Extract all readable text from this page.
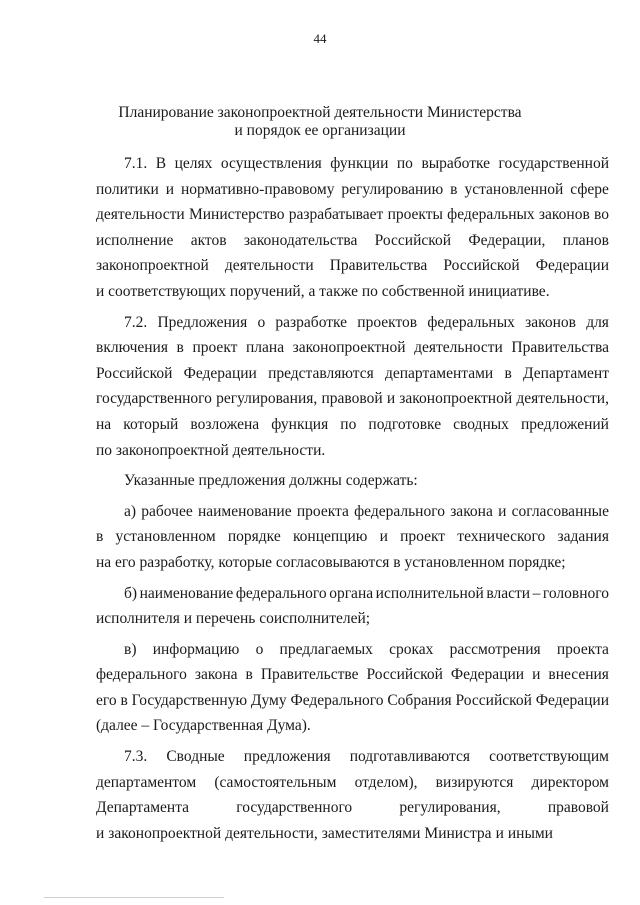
44
Планирование законопроектной деятельности Министерства
и порядок ее организации
7.1. В целях осуществления функции по выработке государственной
политики и нормативно-правовому регулированию в установленной сфере
деятельности Министерство разрабатывает проекты федеральных законов во
исполнение актов законодательства Российской Федерации, планов
законопроектной деятельности Правительства Российской Федерации
и соответствующих поручений, а также по собственной инициативе.
7.2. Предложения о разработке проектов федеральных законов для
включения в проект плана законопроектной деятельности Правительства
Российской Федерации представляются департаментами в Департамент
государственного регулирования, правовой и законопроектной деятельности,
на который возложена функция по подготовке сводных предложений
по законопроектной деятельности.
Указанные предложения должны содержать:
а) рабочее наименование проекта федерального закона и согласованные
в установленном порядке концепцию и проект технического задания
на его разработку, которые согласовываются в установленном порядке;
б) наименование федерального органа исполнительной власти – головного
исполнителя и перечень соисполнителей;
в) информацию о предлагаемых сроках рассмотрения проекта
федерального закона в Правительстве Российской Федерации и внесения
его в Государственную Думу Федерального Собрания Российской Федерации
(далее – Государственная Дума).
7.3. Сводные предложения подготавливаются соответствующим
департаментом (самостоятельным отделом), визируются директором
Департамента	государственного	регулирования,	правовой
и законопроектной деятельности, заместителями Министра и иными
